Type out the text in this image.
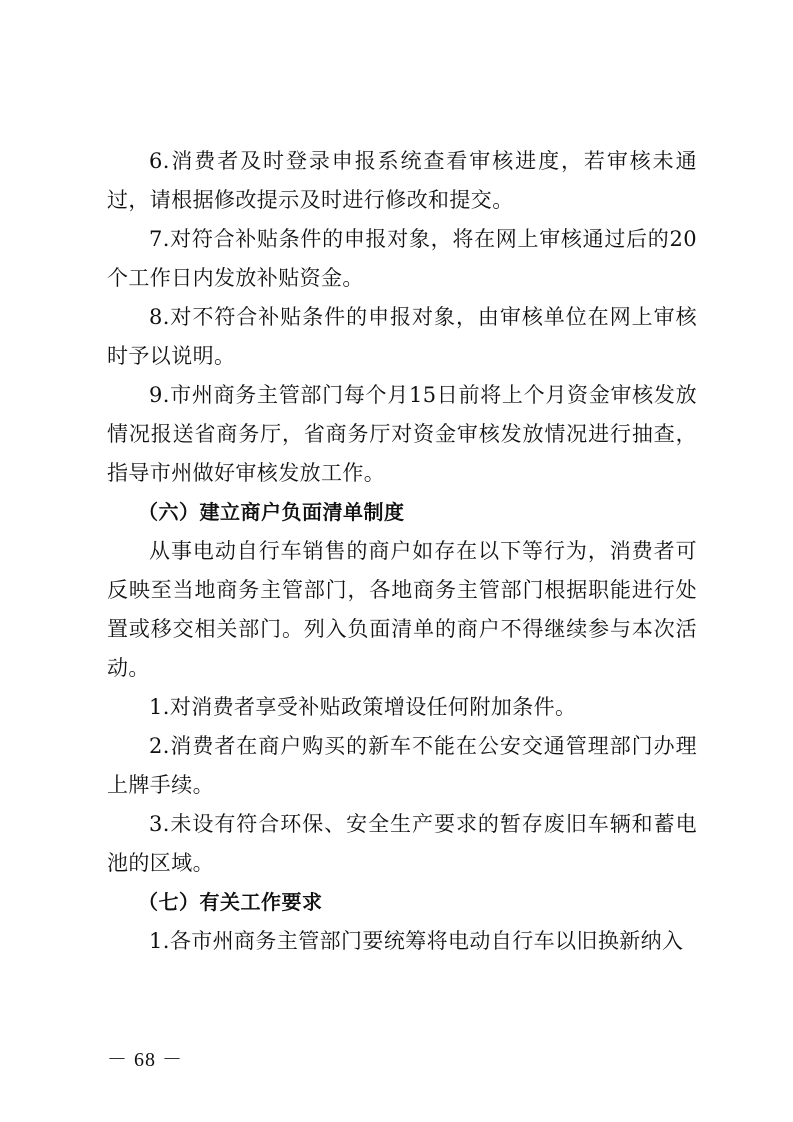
6.消费者及时登录申报系统查看审核进度，若审核未通过，请根据修改提示及时进行修改和提交。

7.对符合补贴条件的申报对象，将在网上审核通过后的20个工作日内发放补贴资金。

8.对不符合补贴条件的申报对象，由审核单位在网上审核时予以说明。

9.市州商务主管部门每个月15日前将上个月资金审核发放情况报送省商务厅，省商务厅对资金审核发放情况进行抽查，指导市州做好审核发放工作。

（六）建立商户负面清单制度

从事电动自行车销售的商户如存在以下等行为，消费者可反映至当地商务主管部门，各地商务主管部门根据职能进行处置或移交相关部门。列入负面清单的商户不得继续参与本次活动。

1.对消费者享受补贴政策增设任何附加条件。

2.消费者在商户购买的新车不能在公安交通管理部门办理上牌手续。

3.未设有符合环保、安全生产要求的暂存废旧车辆和蓄电池的区域。

（七）有关工作要求

1.各市州商务主管部门要统筹将电动自行车以旧换新纳入

－ 68 －
